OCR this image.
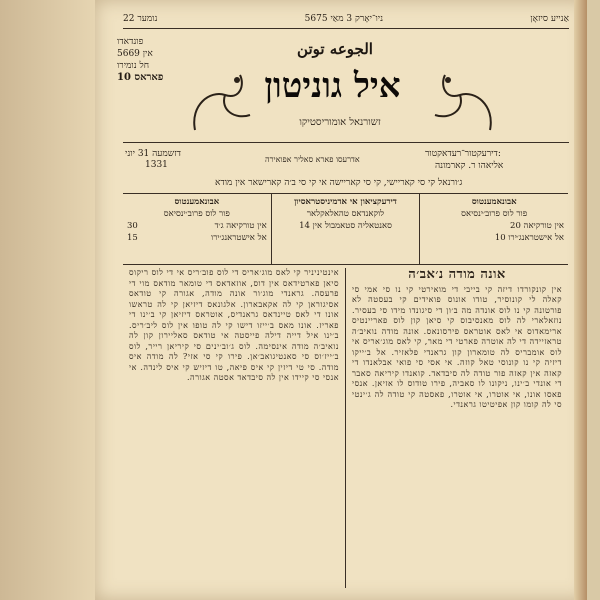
נומער 22	ניו־יאָרק 3 מאַי 5675	אַנייע סיזאָן
פונדאדו
אין 5669
חל נומירו
פאראס 10
الجوعه توتن
איל גוניטון
זשורנאל אומוריסטיקו
דזשמעה 31 יוני
1331
דירעקטור־רעדאקטור:
אליאהו ר. קארמונה
אדרעסו פארא סאליר אפואירה
ג׳ורנאל קי סי קאריישי, קי סי קאריישה אי קי סי ב׳ה קארישאר אין מודא
אבונאמענטוס
פור לוס פרוב׳ינסיאס
30	אין טורקיאה ג׳ד
15	אל אישטראנג׳ירו
דירעקציאון אי אדמיניסטראסיון
לוקאנדאס טהאלאקלאר
סאנטאליה סטאמבול אין 14
אבונאמענטוס
פור לוס פרוב׳ינסיאס
אין טורקיאה 20
אל אישטראנג׳ירו 10
אינטיניניר קי לאס מוג׳אריס די לוס פוב׳ריס אי די לוס ריקוס סיאן פארטידאס אין דוס, אוזאדאס די טומאר מודאס מוי די פרעסה. גראנדי מוג׳ור אונה מודה, אגורה קי טודאס אסיגוראן קי לה אקאבארון. אלגונאס דיזיאן קי לה טראשו אונו די לאס טיינדאס גראנדיס, אוטראס דיזיאן קי ב׳ינו די פאריז. אונו מאס ב׳ייזו דישו קי לה טופו אין לוס ליב׳ריס. ב׳ינו איל דייה דילה פייסטה אי טודאס סאליירון קון לה נואיב׳ה מודה אינסימה. לוס ג׳וב׳ינים סי קיריאן רייר, לוס ב׳ייז׳וס סי סאנטיגואב׳אן. פירו קי סי אזי? לה מודה איס מודה. סי טי דיזין קי איס פיאה, טו דיזיש קי איס לינדה. אי אנסי סי קיידו אין לה סיבדאד אסטה אגורה.
אונה מודה נ׳אב׳ה
אין קונקורדו דיזה קי בייבי די מואירטי קי נו סי אמי סי קאלה לי קונוסיר, טודו אונוס פואידים קי בעסטה לא פורטונה קי נו לוס אונדה מה ב׳ון די סיגונדו מידו סי בעסיר. נוזאלארי לה לוס מאנסיבוס קי סיאן קון לוס פאריינטיס ארימאדוס אי לאס אוטראס פירסונאס. אונה מודה נואיב׳ה טראזיידה די לה אוטרה פארטי די מאר, קי לאס מוג׳אריס אי לוס אומבריס לה טומארון קון גראנדי פלאזיר. אל ב׳ייקו דיזיה קי נו קונוסי טאל קוזה. אי אסי סי פואי אבלאנדו די קאזה אין קאזה פור טודה לה סיבדאד. קואנדו קיריאה סאבר די אונדי ב׳ינו, ניקונו לו סאביה, פירו טודוס לו אזיאן. אנסי פאסו אונו, אי אוטרו, אי אוטרו, פאסטה קי טודה לה ג׳ינטי סי לה קומו קון אפיטיטו גראנדי.
